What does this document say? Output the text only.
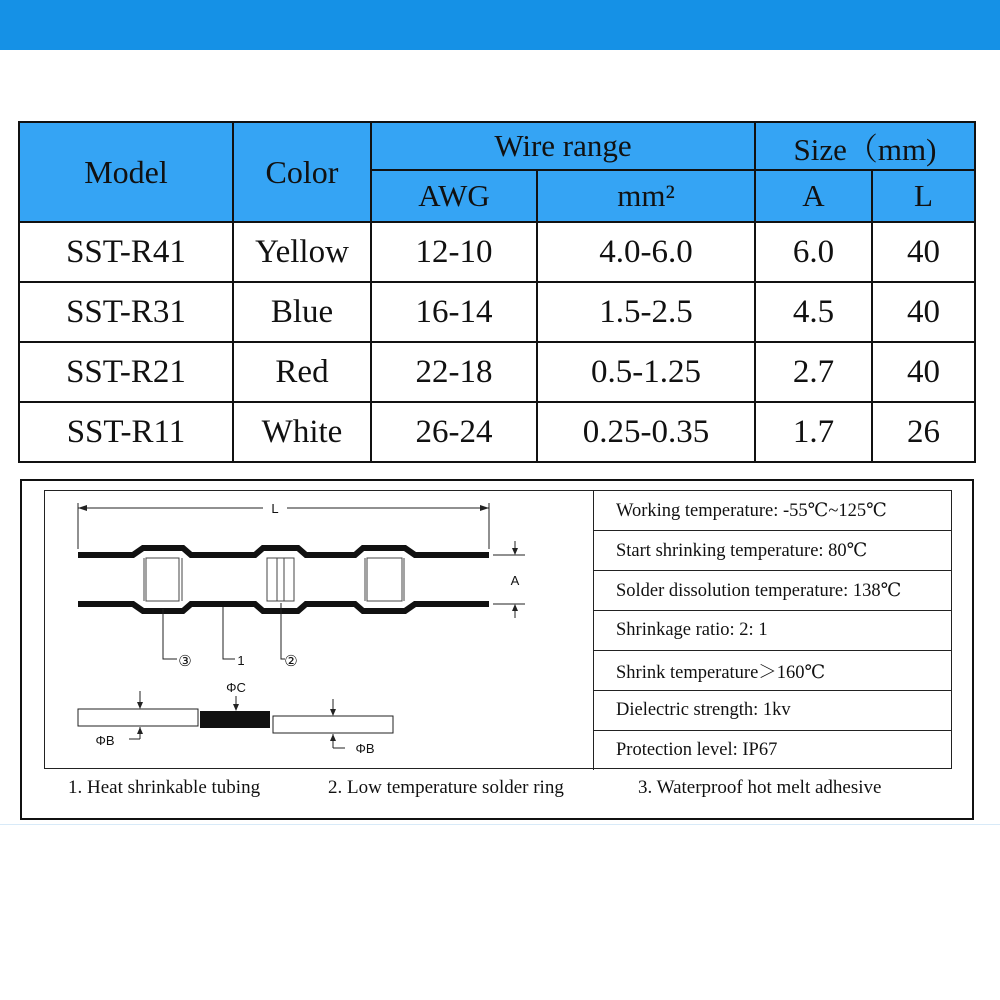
Model	Color	Wire range		Size（mm)	
		AWG	mm²	A	L
SST-R41	Yellow	12-10	4.0-6.0	6.0	40
SST-R31	Blue	16-14	1.5-2.5	4.5	40
SST-R21	Red	22-18	0.5-1.25	2.7	40
SST-R11	White	26-24	0.25-0.35	1.7	26
L
A
③	1	②
ΦB
ΦC
ΦB
Working temperature: -55℃~125℃
Start shrinking temperature: 80℃
Solder dissolution temperature: 138℃
Shrinkage ratio: 2: 1
Shrink temperature＞160℃
Dielectric strength: 1kv
Protection level: IP67
1. Heat shrinkable tubing	2. Low temperature solder ring	3. Waterproof hot melt adhesive
